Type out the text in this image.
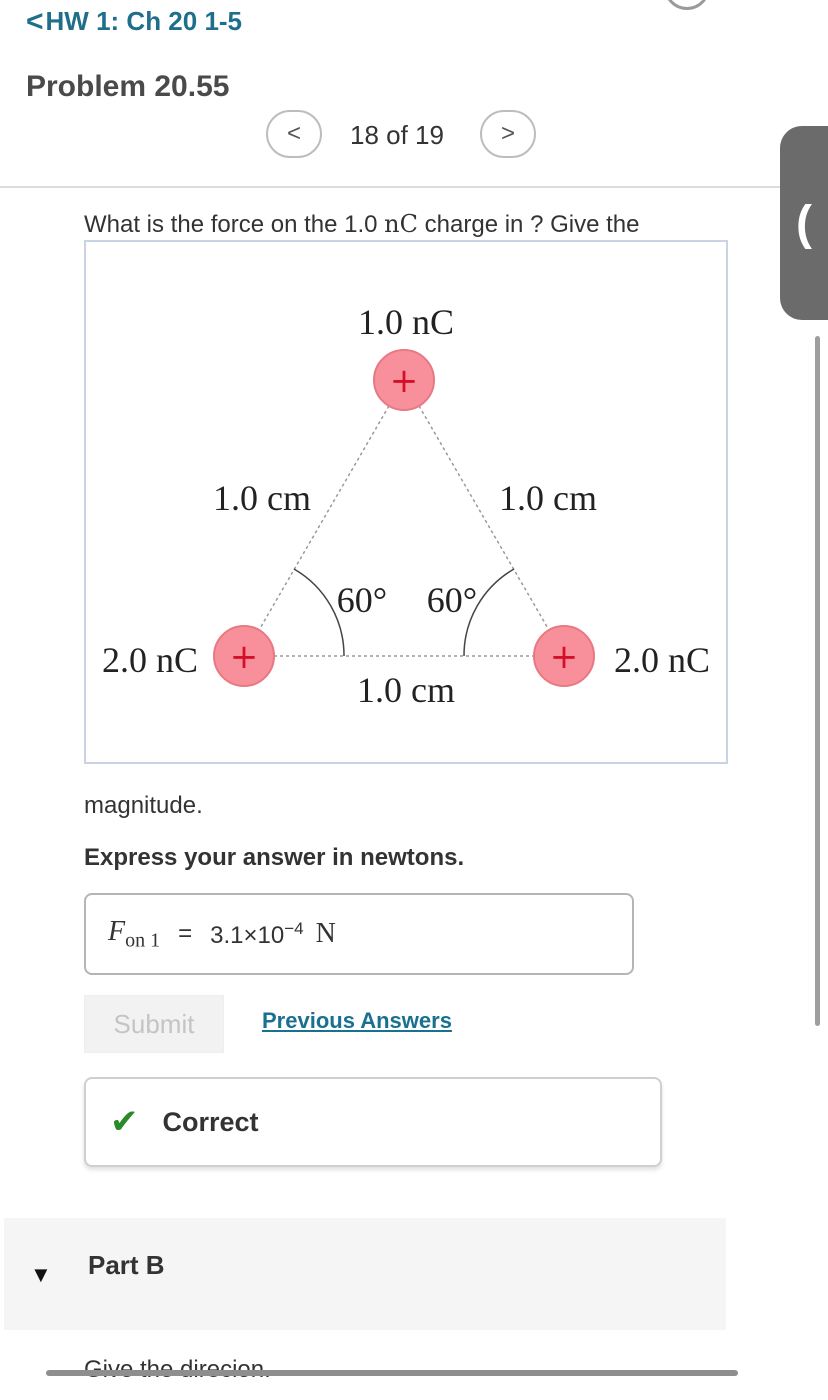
< HW 1: Ch 20 1-5
Problem 20.55
<	18 of 19	>
(
What is the force on the 1.0 nC charge in ? Give the
+
+	+
1.0 nC
2.0 nC	2.0 nC
1.0 cm	1.0 cm
1.0 cm
60° 60°
magnitude.
Express your answer in newtons.
$F_{on 1} = 3.1\times 10^{-4}$ N
Submit	Previous Answers
✔ Correct
▼ Part B
